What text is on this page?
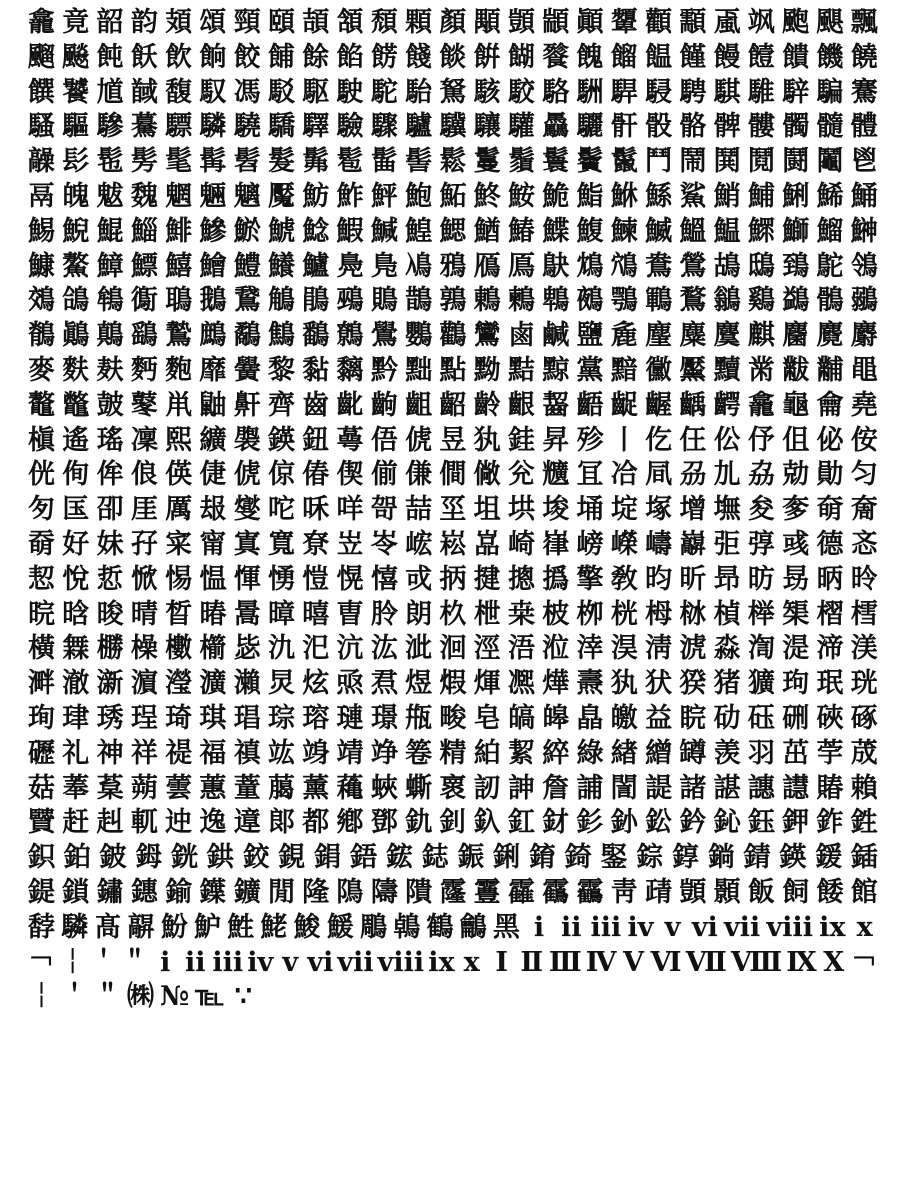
龕 竟 韶 韵 頍 頌 頸 頤 頡 頷 頹 顆 顏 顒 顗 顓 顚 顰 顴 顬 颪 飒 颮 颶 飄
飀 飈 飩 飫 飲 餉 餃 餔 餘 餡 餝 餞 餤 餠 餬 餮 餽 餾 饂 饉 饅 饐 饋 饑 饒
饌 饕 馗 馘 馥 馭 馮 駁 駆 駛 駝 駘 駑 駭 駮 駱 駲 駻 駸 騁 騏 騅 騂 騙 騫
騷 驅 驂 驀 驃 驎 驍 驕 驛 驗 驟 驢 驥 驤 驩 驫 驪 骭 骰 骼 髀 髏 髑 髓 體
髞 髟 髢 髣 髦 髯 髫 髮 髴 髱 髷 髻 鬆 鬘 鬚 鬟 鬢 鬣 鬥 鬧 鬨 鬩 鬪 鬮 鬯
鬲 魄 魃 魏 魍 魎 魑 魘 魴 鮓 鮃 鮑 鮖 鮗 鮟 鮠 鮨 鮴 鯀 鯊 鮹 鯆 鯏 鯑 鯒
鯣 鯢 鯤 鯔 鯡 鰺 鯲 鯱 鯰 鰕 鰔 鰉 鰓 鰌 鰆 鰈 鰒 鰊 鰄 鰮 鰛 鰥 鰤 鰡 鰰
鱇 鰲 鱆 鰾 鱚 鱠 鱧 鱶 鱸 鳧 鳬 鳰 鴉 鴈 鳫 鴃 鴆 鴪 鴦 鶯 鴣 鴟 鵄 鴕 鴒
鵁 鴿 鴾 鵆 鵈 鵝 鵞 鵤 鵑 鵐 鵙 鵲 鶉 鶇 鶫 鵯 鵺 鶚 鶤 鶩 鶲 鷄 鷁 鶻 鶸
鶺 鷆 鷏 鷂 鷙 鷓 鷸 鷦 鷭 鷯 鷽 鸚 鸛 鸞 鹵 鹹 鹽 麁 麈 麋 麌 麒 麕 麑 麝
麥 麩 麸 麪 麭 靡 黌 黎 黏 黐 黔 黜 點 黝 黠 黥 黨 黯 黴 黶 黷 黹 黻 黼 黽
鼇 鼈 皷 鼕 鼡 鼬 鼾 齊 齒 齔 齣 齟 齠 齡 齦 齧 齬 齪 齷 齲 齶 龕 龜 龠 堯
槇 遙 瑤 凜 熙 纊 褜 鍈 鈕 蕚 俉 俿 昱 犱 銈 昇 殄 丨 仡 仼 伀 伃 伹 佖 侒
侊 侚 侔 俍 偀 倢 俿 倞 偆 偰 偂 傔 僴 僘 兊 兤 冝 冾 凬 刕 劜 劦 勀 勛 匀
匇 匤 卲 厓 厲 叝 燮 咜 咊 咩 哿 喆 坙 坥 垬 埈 埇 埞 塚 增 墲 夋 奓 奛 奝
奣 好 妹 孖 寀 甯 寘 寬 尞 岦 岺 峵 崧 嵓 崎 嵂 嵭 嶸 嶹 巐 弡 弴 彧 德 忞
恝 悅 悊 惞 惕 愠 惲 愑 愷 愰 憘 戓 抦 揵 摠 撝 擎 敎 昀 昕 昻 昉 昮 昞 昤
晥 晗 晙 晴 晳 暙 暠 暲 暿 曺 朎 朗 杦 枻 桒 柀 栁 桄 栂 栤 楨 榉 榘 槢 樰
橫 橆 橳 橾 櫢 櫤 毖 氿 汜 沆 汯 泚 洄 涇 浯 涖 涬 淏 淸 淲 淼 渹 湜 渧 渼
溿 澈 澵 濵 瀅 瀇 瀨 炅 炫 焏 焄 煜 煆 煇 凞 燁 燾 犱 犾 猤 猪 獷 玽 珉 珖
珣 珒 琇 珵 琦 琪 琩 琮 瑢 璉 璟 甁 畯 皂 皜 皞 皛 皦 益 睆 劯 砡 硎 硤 硺
礰 礼 神 祥 禔 福 禛 竑 竧 靖 竫 箞 精 絈 絜 綷 綠 緖 繒 罇 羡 羽 茁 荢 荿
菇 菶 葈 蒴 蕓 蕙 蕫 﨟 薰 蘒 蛺 蟖 褱 訒 訷 詹 誧 誾 諟 諸 諶 譓 譿 賰 賴
贒 赶 赳 軏 迚 逸 遧 郞 都 鄕 鄧 釚 釗 釞 釭 釮 釤 釥 鈆 鈐 鈊 鈺 鉀 鈼 鉎
鉙 鉑 鈹 鉧 銧 鉷 鉸 鋧 鋗 鋙 鋐 鋕 鋠 鋓 錥 錡 鋻 錝 錞 鋿 錆 鍈 鍰 鍤
鍉 鎖 鏽 鏸 鍮 鐷 鑛 閒 隆 隝 隯 隤 霳 霻 靃 靍 靏 靑 靕 顗 顥 飯 飼 餧 館
馞 驎 髙 髜 魵 魲 鮏 鮱 鮻 鰀 鵰 鵫 鶴 鸙 黑 ⅰ ⅱ ⅲ ⅳ ⅴ ⅵ ⅶ ⅷ ⅸ ⅹ
￢ ￤ ＇ ＂ ⅰ ⅱ ⅲ ⅳ ⅴ ⅵ ⅶ ⅷ ⅸ ⅹ Ⅰ Ⅱ Ⅲ Ⅳ Ⅴ Ⅵ Ⅶ Ⅷ Ⅸ Ⅹ ￢
￤ ＇ ＂ ㈱ № ℡ ∵
